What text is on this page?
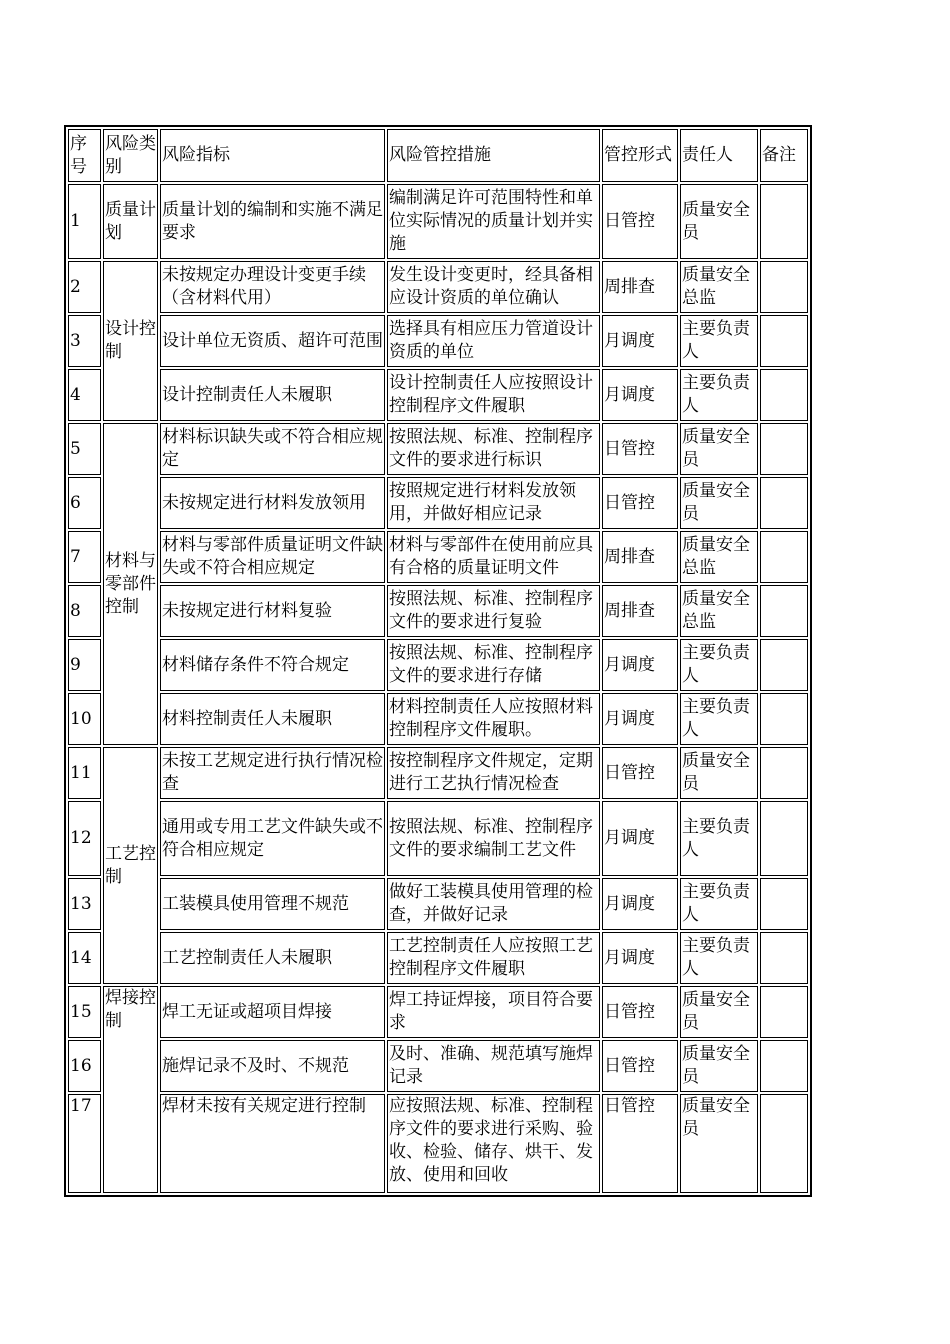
序号	风险类别	风险指标	风险管控措施	管控形式	责任人	备注
1	质量计划	质量计划的编制和实施不满足要求	编制满足许可范围特性和单位实际情况的质量计划并实施	日管控	质量安全员	
2	设计控制	未按规定办理设计变更手续（含材料代用）	发生设计变更时，经具备相应设计资质的单位确认	周排查	质量安全总监	
3		设计单位无资质、超许可范围	选择具有相应压力管道设计资质的单位	月调度	主要负责人	
4		设计控制责任人未履职	设计控制责任人应按照设计控制程序文件履职	月调度	主要负责人	
5	材料与零部件控制	材料标识缺失或不符合相应规定	按照法规、标准、控制程序文件的要求进行标识	日管控	质量安全员	
6		未按规定进行材料发放领用	按照规定进行材料发放领用，并做好相应记录	日管控	质量安全员	
7		材料与零部件质量证明文件缺失或不符合相应规定	材料与零部件在使用前应具有合格的质量证明文件	周排查	质量安全总监	
8		未按规定进行材料复验	按照法规、标准、控制程序文件的要求进行复验	周排查	质量安全总监	
9		材料储存条件不符合规定	按照法规、标准、控制程序文件的要求进行存储	月调度	主要负责人	
10		材料控制责任人未履职	材料控制责任人应按照材料控制程序文件履职。	月调度	主要负责人	
11	工艺控制	未按工艺规定进行执行情况检查	按控制程序文件规定，定期进行工艺执行情况检查	日管控	质量安全员	
12		通用或专用工艺文件缺失或不符合相应规定	按照法规、标准、控制程序文件的要求编制工艺文件	月调度	主要负责人	
13		工装模具使用管理不规范	做好工装模具使用管理的检查，并做好记录	月调度	主要负责人	
14		工艺控制责任人未履职	工艺控制责任人应按照工艺控制程序文件履职	月调度	主要负责人	
15	焊接控制	焊工无证或超项目焊接	焊工持证焊接，项目符合要求	日管控	质量安全员	
16		施焊记录不及时、不规范	及时、准确、规范填写施焊记录	日管控	质量安全员	
17		焊材未按有关规定进行控制	应按照法规、标准、控制程序文件的要求进行采购、验收、检验、储存、烘干、发放、使用和回收	日管控	质量安全员	
